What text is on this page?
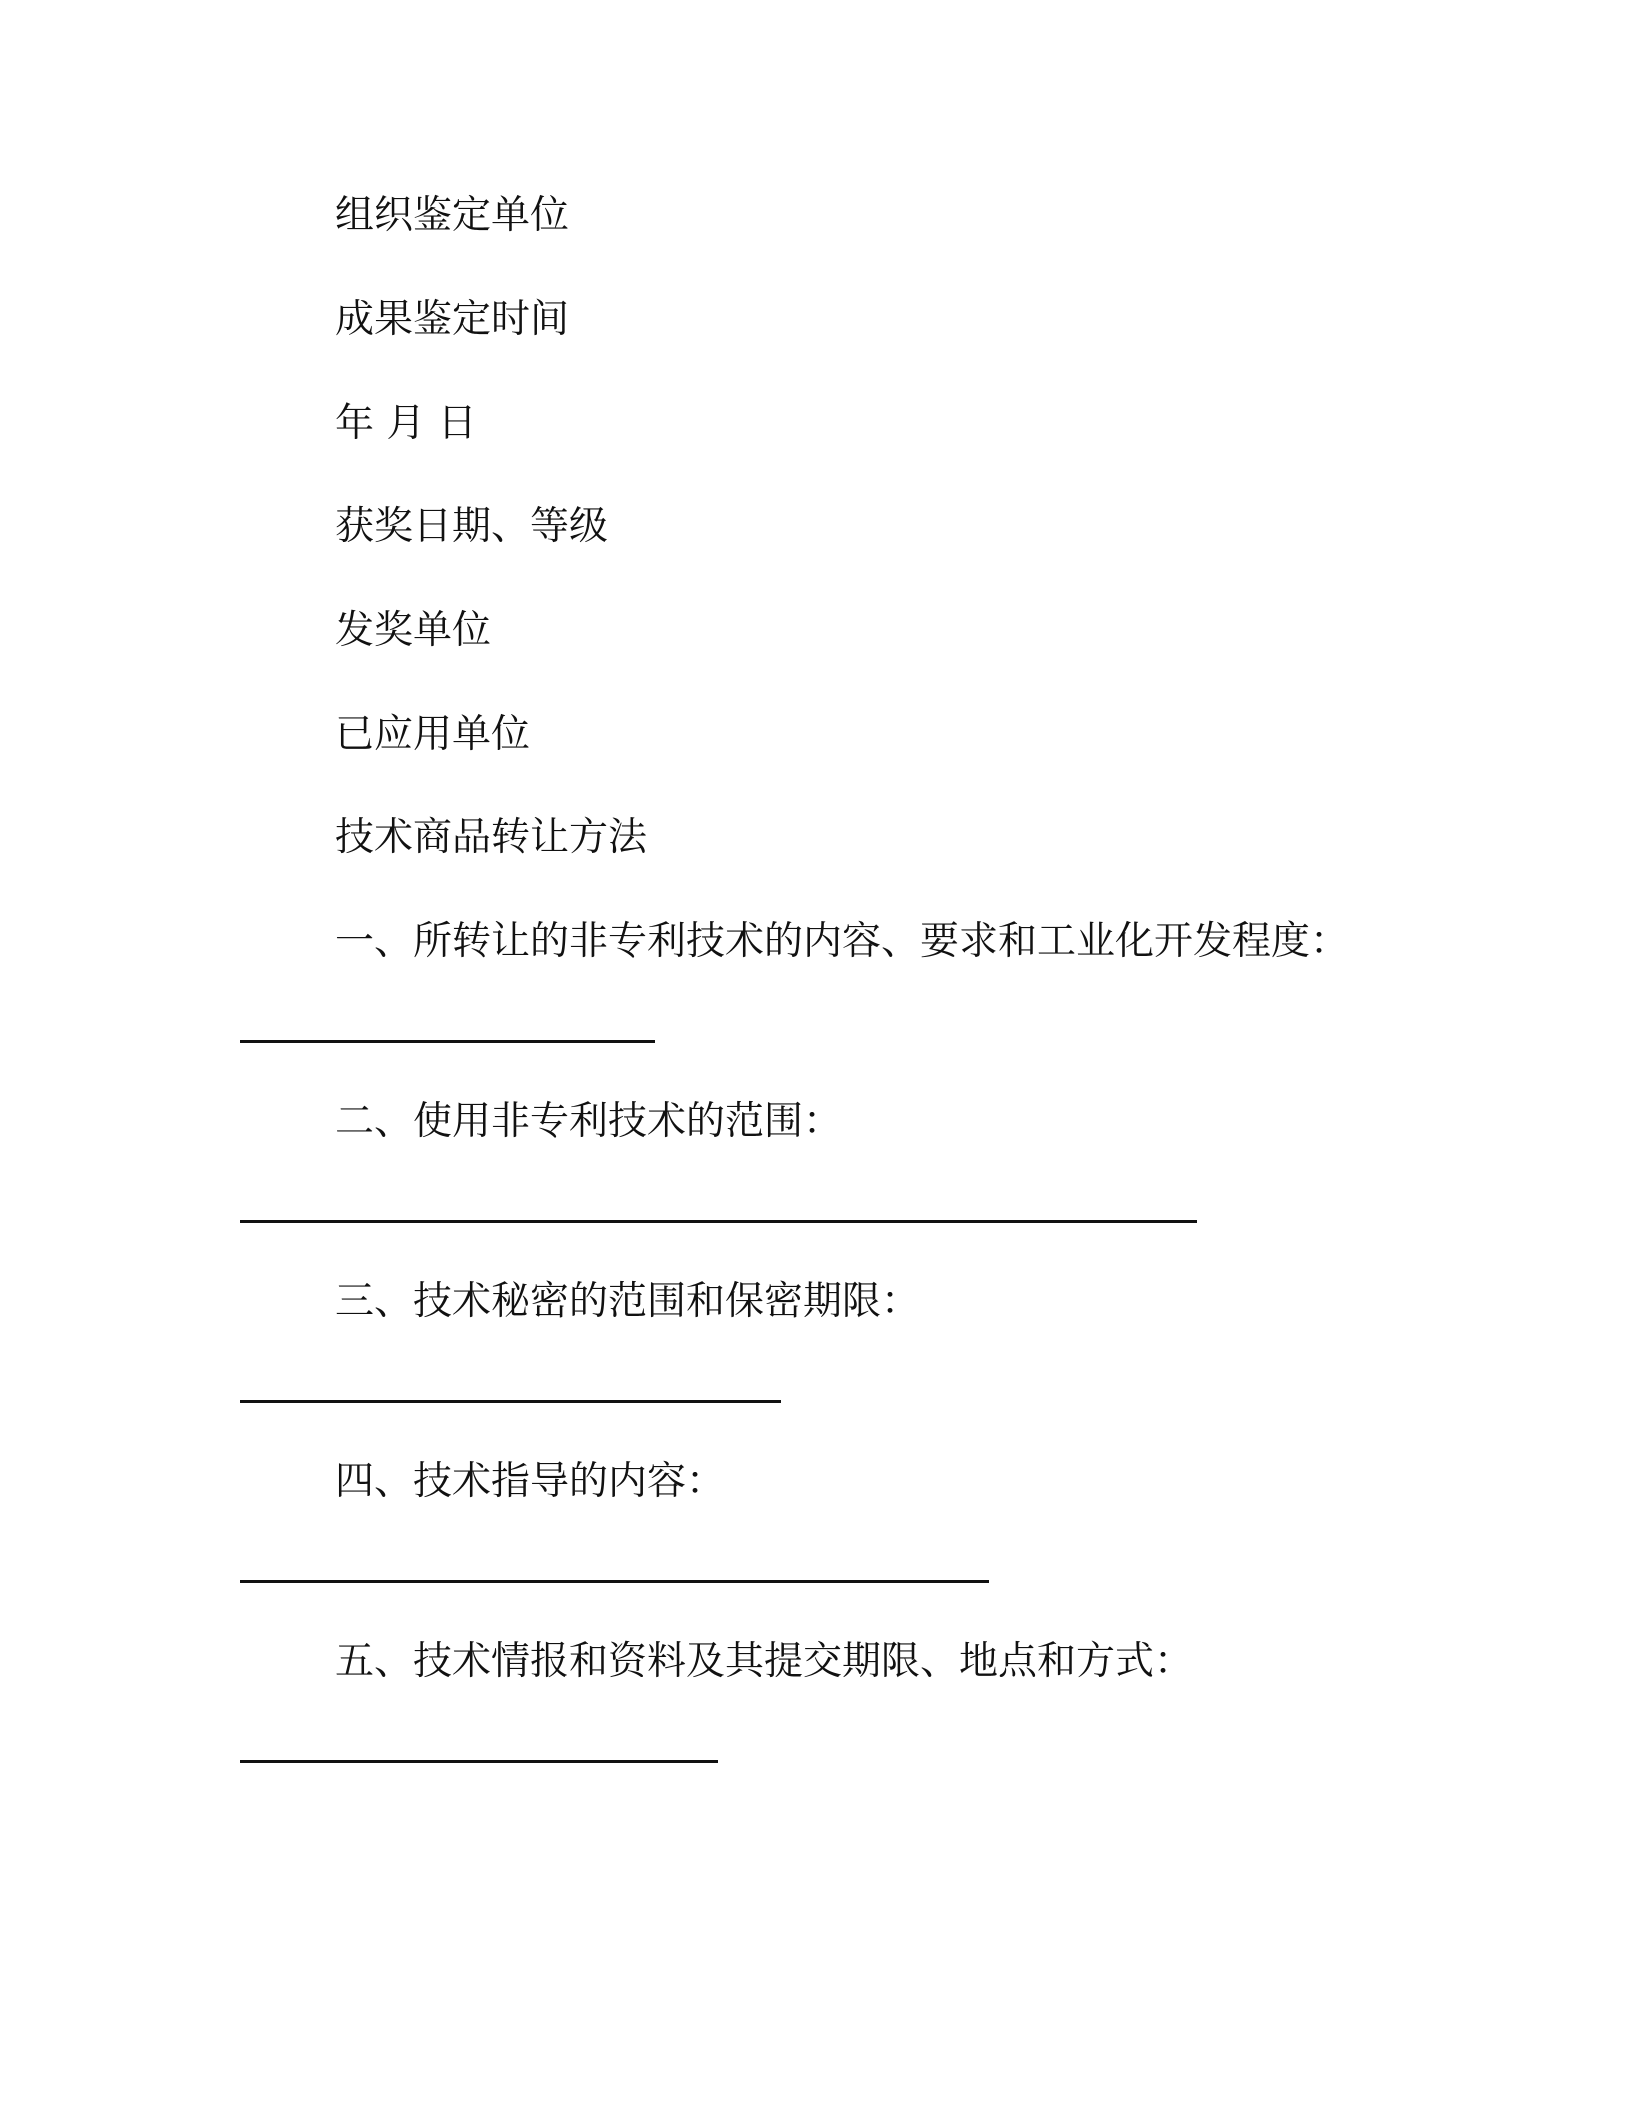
组织鉴定单位
成果鉴定时间
年 月 日
获奖日期、等级
发奖单位
已应用单位
技术商品转让方法
一、所转让的非专利技术的内容、要求和工业化开发程度：
二、使用非专利技术的范围：
三、技术秘密的范围和保密期限：
四、技术指导的内容：
五、技术情报和资料及其提交期限、地点和方式：
